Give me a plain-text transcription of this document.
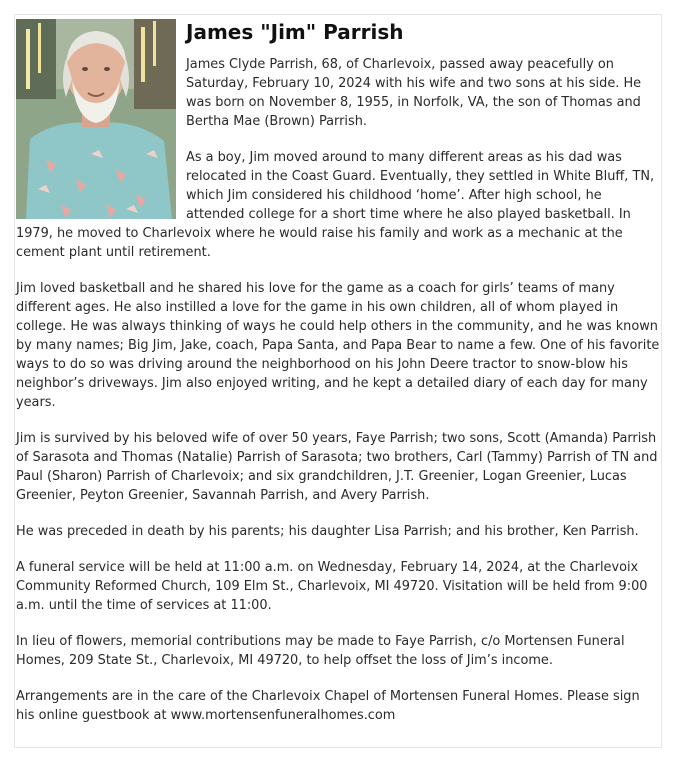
James "Jim" Parrish

James Clyde Parrish, 68, of Charlevoix, passed away peacefully on Saturday, February 10, 2024 with his wife and two sons at his side. He was born on November 8, 1955, in Norfolk, VA, the son of Thomas and Bertha Mae (Brown) Parrish.

As a boy, Jim moved around to many different areas as his dad was relocated in the Coast Guard. Eventually, they settled in White Bluff, TN, which Jim considered his childhood ‘home’. After high school, he attended college for a short time where he also played basketball. In 1979, he moved to Charlevoix where he would raise his family and work as a mechanic at the cement plant until retirement.

Jim loved basketball and he shared his love for the game as a coach for girls’ teams of many different ages. He also instilled a love for the game in his own children, all of whom played in college. He was always thinking of ways he could help others in the community, and he was known by many names; Big Jim, Jake, coach, Papa Santa, and Papa Bear to name a few. One of his favorite ways to do so was driving around the neighborhood on his John Deere tractor to snow-blow his neighbor’s driveways. Jim also enjoyed writing, and he kept a detailed diary of each day for many years.

Jim is survived by his beloved wife of over 50 years, Faye Parrish; two sons, Scott (Amanda) Parrish of Sarasota and Thomas (Natalie) Parrish of Sarasota; two brothers, Carl (Tammy) Parrish of TN and Paul (Sharon) Parrish of Charlevoix; and six grandchildren, J.T. Greenier, Logan Greenier, Lucas Greenier, Peyton Greenier, Savannah Parrish, and Avery Parrish.

He was preceded in death by his parents; his daughter Lisa Parrish; and his brother, Ken Parrish.

A funeral service will be held at 11:00 a.m. on Wednesday, February 14, 2024, at the Charlevoix Community Reformed Church, 109 Elm St., Charlevoix, MI 49720. Visitation will be held from 9:00 a.m. until the time of services at 11:00.

In lieu of flowers, memorial contributions may be made to Faye Parrish, c/o Mortensen Funeral Homes, 209 State St., Charlevoix, MI 49720, to help offset the loss of Jim’s income.

Arrangements are in the care of the Charlevoix Chapel of Mortensen Funeral Homes. Please sign his online guestbook at www.mortensenfuneralhomes.com
